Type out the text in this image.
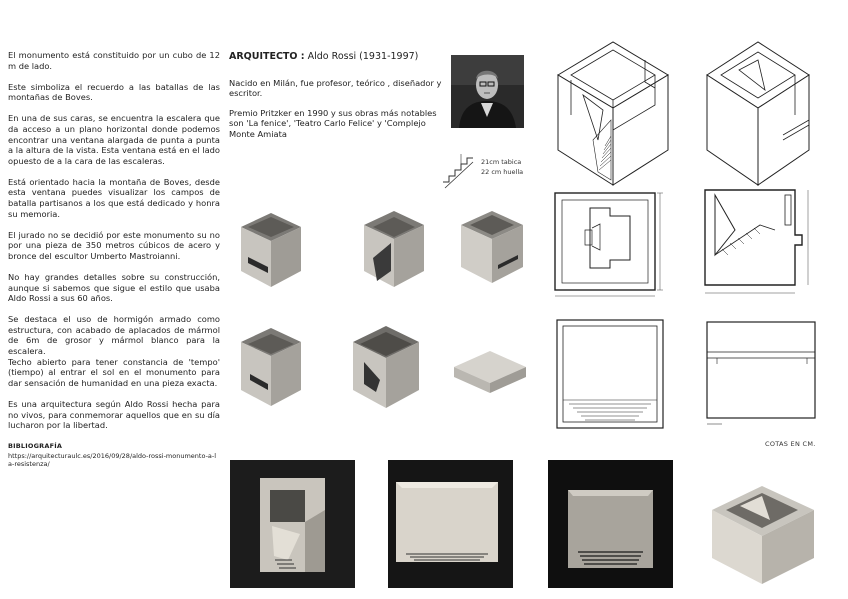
El monumento está constituido por un cubo de 12 m de lado.

Este simboliza el recuerdo a las batallas de las montañas de Boves.

En una de sus caras, se encuentra la escalera que da acceso a un plano horizontal donde podemos encontrar una ventana alargada de punta a punta a la altura de la vista. Esta ventana está en el lado opuesto de a la cara de las escaleras.

Está orientado hacia la montaña de Boves, desde esta ventana puedes visualizar los campos de batalla partisanos a los que está dedicado y honra su memoria.

El jurado no se decidió por este monumento su no por una pieza de 350 metros cúbicos de acero y bronce del escultor Umberto Mastroianni.

No hay grandes detalles sobre su construcción, aunque si sabemos que sigue el estilo que usaba Aldo Rossi a sus 60 años.

Se destaca el uso de hormigón armado como estructura, con acabado de aplacados de mármol de 6m de grosor y mármol blanco para la escalera.

Techo abierto para tener constancia de 'tempo' (tiempo) al entrar el sol en el monumento para dar sensación de humanidad en una pieza exacta.

Es una arquitectura según Aldo Rossi hecha para no vivos, para conmemorar aquellos que en su día lucharon por la libertad.

BIBLIOGRAFÍA
https://arquitecturaulc.es/2016/09/28/aldo-rossi-monumento-a-la-resistenza/
ARQUITECTO : Aldo Rossi (1931-1997)

Nacido en Milán, fue profesor, teórico , diseñador y escritor.

Premio Pritzker en 1990 y sus obras más notables son 'La fenice', 'Teatro Carlo Felice' y 'Complejo Monte Amiata

21cm tabica
22 cm huella
COTAS EN CM.
